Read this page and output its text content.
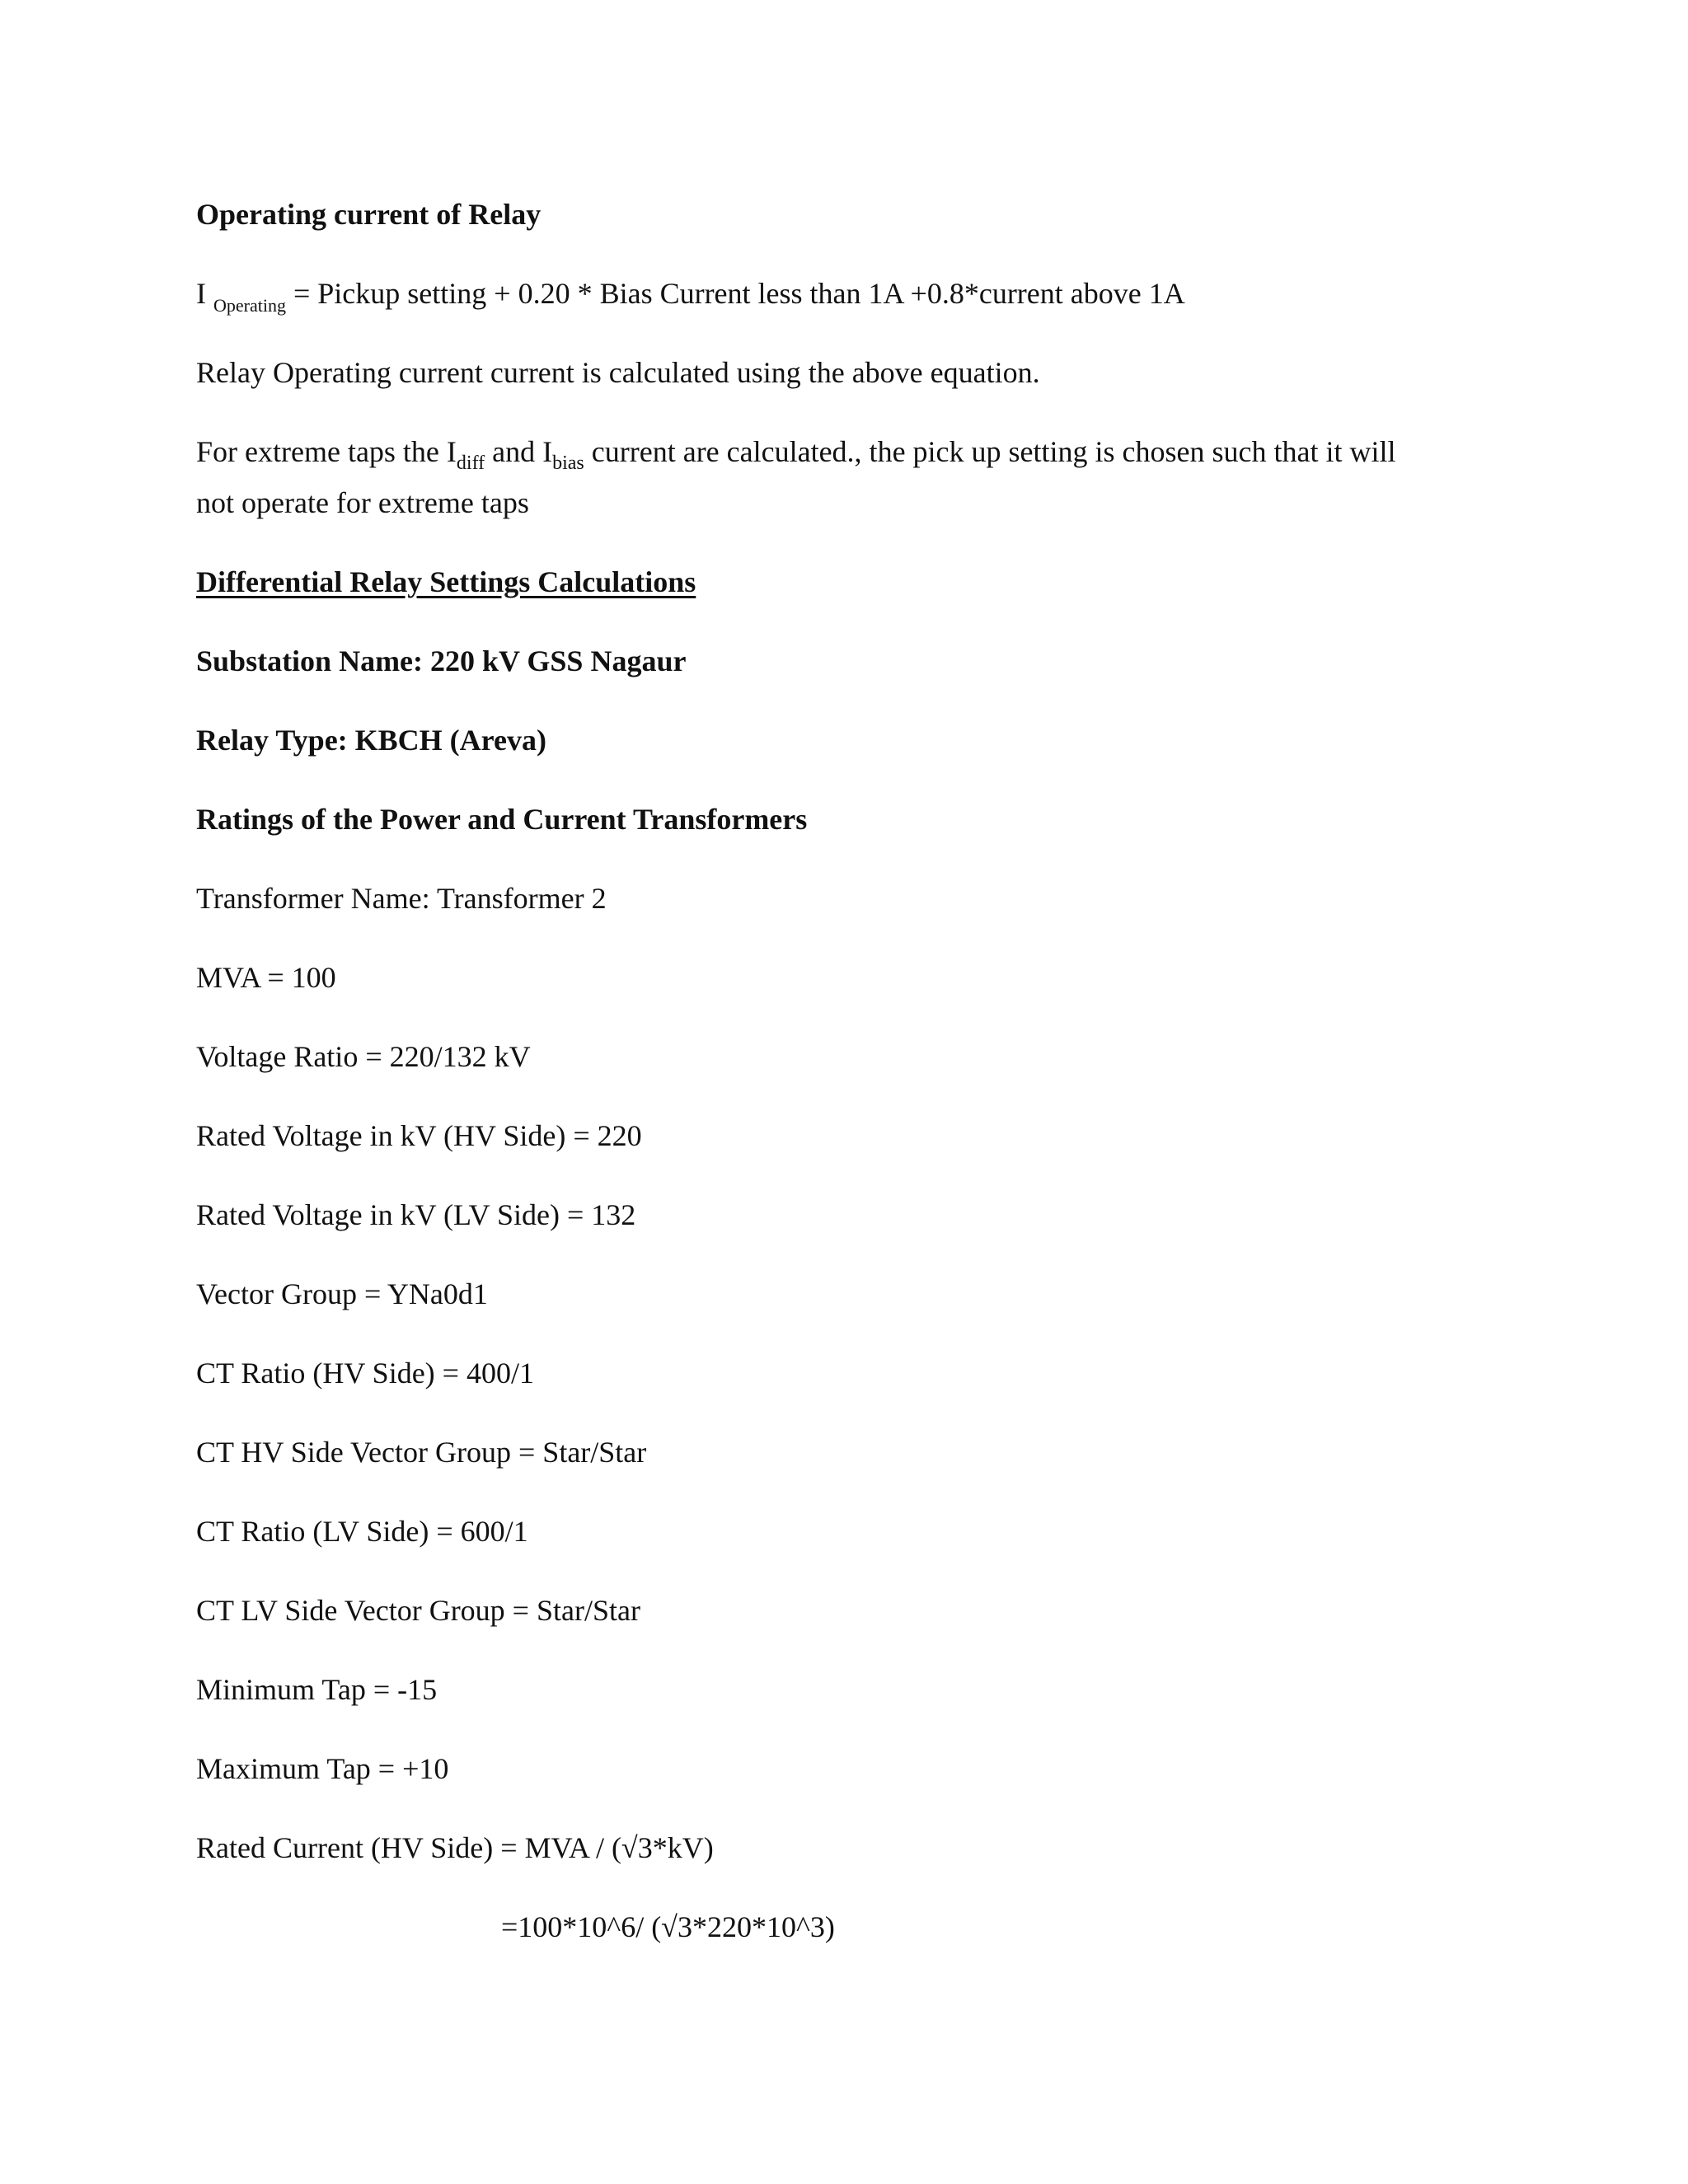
Operating current of Relay
I $_{Operating}$ = Pickup setting + 0.20 * Bias Current less than 1A +0.8*current above 1A
Relay Operating current current is calculated using the above equation.
For extreme taps the $I_{diff}$ and $I_{bias}$ current are calculated., the pick up setting is chosen such that it will
not operate for extreme taps
Differential Relay Settings Calculations
Substation Name: 220 kV GSS Nagaur
Relay Type: KBCH (Areva)
Ratings of the Power and Current Transformers
Transformer Name: Transformer 2
MVA = 100
Voltage Ratio = 220/132 kV
Rated Voltage in kV (HV Side) = 220
Rated Voltage in kV (LV Side) = 132
Vector Group = YNa0d1
CT Ratio (HV Side) = 400/1
CT HV Side Vector Group = Star/Star
CT Ratio (LV Side) = 600/1
CT LV Side Vector Group = Star/Star
Minimum Tap = -15
Maximum Tap = +10
Rated Current (HV Side) = MVA / (√3*kV)
=100*10^6/ (√3*220*10^3)
